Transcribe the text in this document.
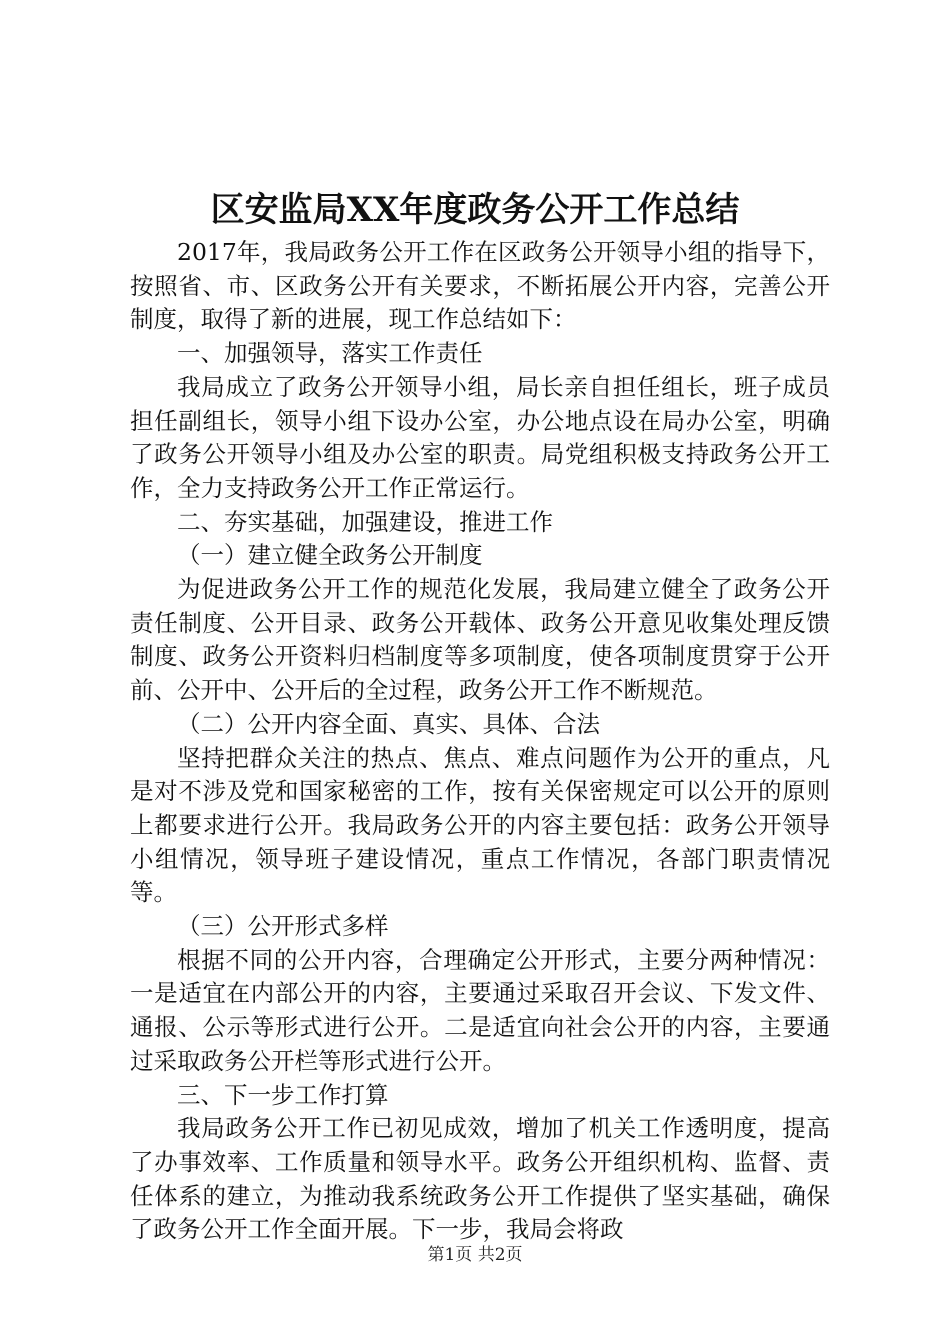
区安监局XX年度政务公开工作总结

2017年，我局政务公开工作在区政务公开领导小组的指导下，按照省、市、区政务公开有关要求，不断拓展公开内容，完善公开制度，取得了新的进展，现工作总结如下：

一、加强领导，落实工作责任

我局成立了政务公开领导小组，局长亲自担任组长，班子成员担任副组长，领导小组下设办公室，办公地点设在局办公室，明确了政务公开领导小组及办公室的职责。局党组积极支持政务公开工作，全力支持政务公开工作正常运行。

二、夯实基础，加强建设，推进工作

（一）建立健全政务公开制度

为促进政务公开工作的规范化发展，我局建立健全了政务公开责任制度、公开目录、政务公开载体、政务公开意见收集处理反馈制度、政务公开资料归档制度等多项制度，使各项制度贯穿于公开前、公开中、公开后的全过程，政务公开工作不断规范。

（二）公开内容全面、真实、具体、合法

坚持把群众关注的热点、焦点、难点问题作为公开的重点，凡是对不涉及党和国家秘密的工作，按有关保密规定可以公开的原则上都要求进行公开。我局政务公开的内容主要包括：政务公开领导小组情况，领导班子建设情况，重点工作情况，各部门职责情况等。

（三）公开形式多样

根据不同的公开内容，合理确定公开形式，主要分两种情况：一是适宜在内部公开的内容，主要通过采取召开会议、下发文件、通报、公示等形式进行公开。二是适宜向社会公开的内容，主要通过采取政务公开栏等形式进行公开。

三、下一步工作打算

我局政务公开工作已初见成效，增加了机关工作透明度，提高了办事效率、工作质量和领导水平。政务公开组织机构、监督、责任体系的建立，为推动我系统政务公开工作提供了坚实基础，确保了政务公开工作全面开展。下一步，我局会将政

第1页 共2页
